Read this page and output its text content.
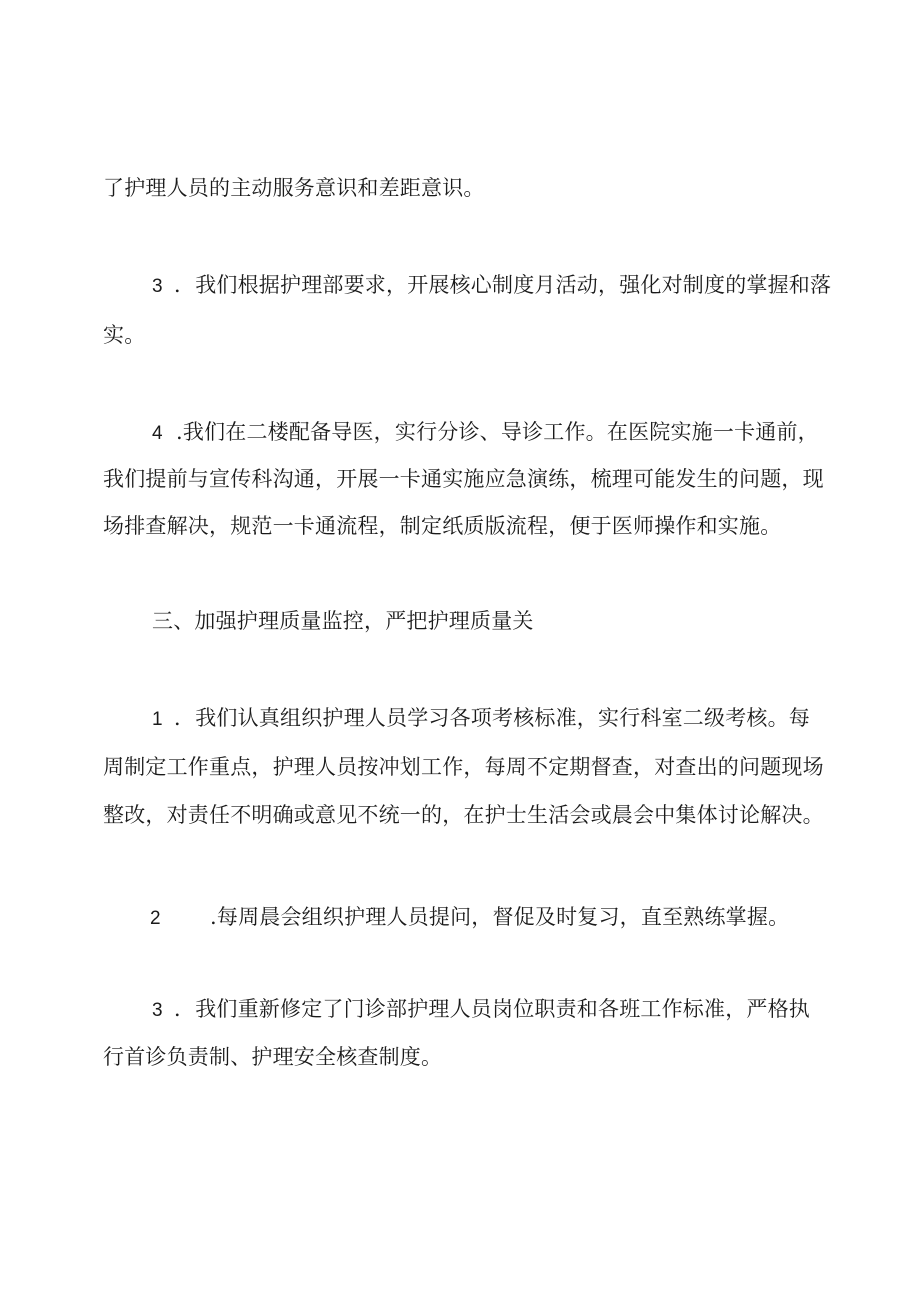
了护理人员的主动服务意识和差距意识。
3 ．我们根据护理部要求，开展核心制度月活动，强化对制度的掌握和落
实。
4 .我们在二楼配备导医，实行分诊、导诊工作。在医院实施一卡通前，
我们提前与宣传科沟通，开展一卡通实施应急演练，梳理可能发生的问题，现
场排查解决，规范一卡通流程，制定纸质版流程，便于医师操作和实施。
三、加强护理质量监控，严把护理质量关
1 ．我们认真组织护理人员学习各项考核标准，实行科室二级考核。每
周制定工作重点，护理人员按冲划工作，每周不定期督查，对查出的问题现场
整改，对责任不明确或意见不统一的，在护士生活会或晨会中集体讨论解决。
2 .每周晨会组织护理人员提问，督促及时复习，直至熟练掌握。
3 ．我们重新修定了门诊部护理人员岗位职责和各班工作标准，严格执
行首诊负责制、护理安全核查制度。
